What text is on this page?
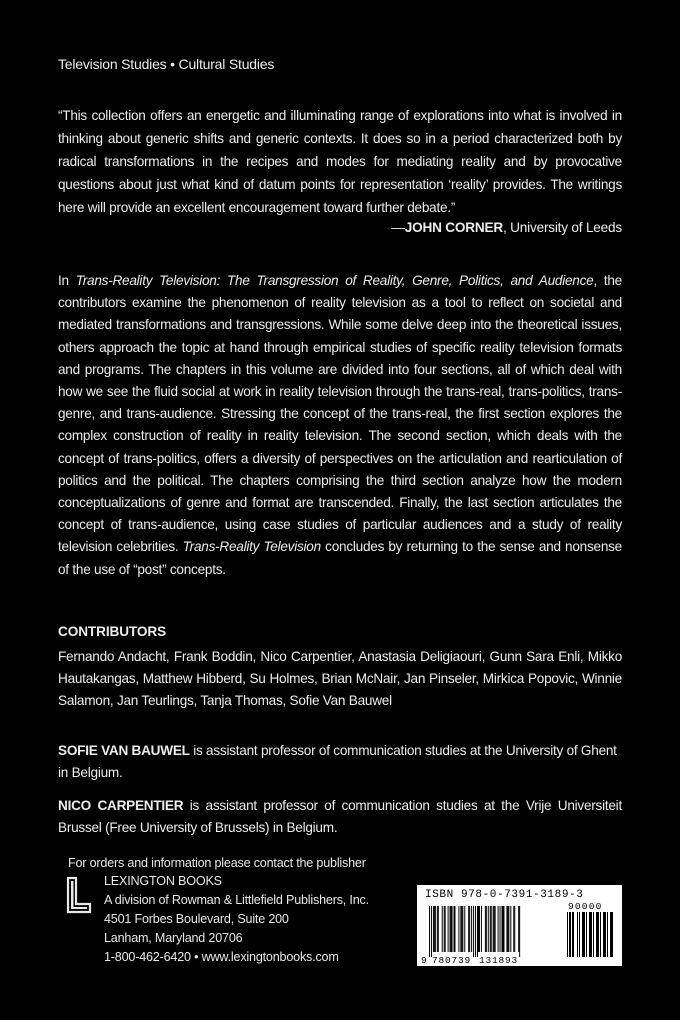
Television Studies • Cultural Studies
“This collection offers an energetic and illuminating range of explorations into what is involved in thinking about generic shifts and generic contexts. It does so in a period characterized both by radical transformations in the recipes and modes for mediating reality and by provocative questions about just what kind of datum points for representation ‘reality’ provides. The writings here will provide an excellent encouragement toward further debate.”
—JOHN CORNER, University of Leeds
In Trans-Reality Television: The Transgression of Reality, Genre, Politics, and Audience, the contributors examine the phenomenon of reality television as a tool to reflect on societal and mediated transformations and transgressions. While some delve deep into the theoretical issues, others approach the topic at hand through empirical studies of specific reality television formats and programs. The chapters in this volume are divided into four sections, all of which deal with how we see the fluid social at work in reality television through the trans-real, trans-politics, trans-genre, and trans-audience. Stressing the concept of the trans-real, the first section explores the complex construction of reality in reality television. The second section, which deals with the concept of trans-politics, offers a diversity of perspectives on the articulation and rearticulation of politics and the political. The chapters comprising the third section analyze how the modern conceptualizations of genre and format are transcended. Finally, the last section articulates the concept of trans-audience, using case studies of particular audiences and a study of reality television celebrities. Trans-Reality Television concludes by returning to the sense and nonsense of the use of “post” concepts.
CONTRIBUTORS
Fernando Andacht, Frank Boddin, Nico Carpentier, Anastasia Deligiaouri, Gunn Sara Enli, Mikko Hautakangas, Matthew Hibberd, Su Holmes, Brian McNair, Jan Pinseler, Mirkica Popovic, Winnie Salamon, Jan Teurlings, Tanja Thomas, Sofie Van Bauwel
SOFIE VAN BAUWEL is assistant professor of communication studies at the University of Ghent in Belgium.
NICO CARPENTIER is assistant professor of communication studies at the Vrije Universiteit Brussel (Free University of Brussels) in Belgium.
For orders and information please contact the publisher
LEXINGTON BOOKS
A division of Rowman & Littlefield Publishers, Inc.
4501 Forbes Boulevard, Suite 200
Lanham, Maryland 20706
1-800-462-6420 • www.lexingtonbooks.com
ISBN 978-0-7391-3189-3
9 780739 131893
90000
